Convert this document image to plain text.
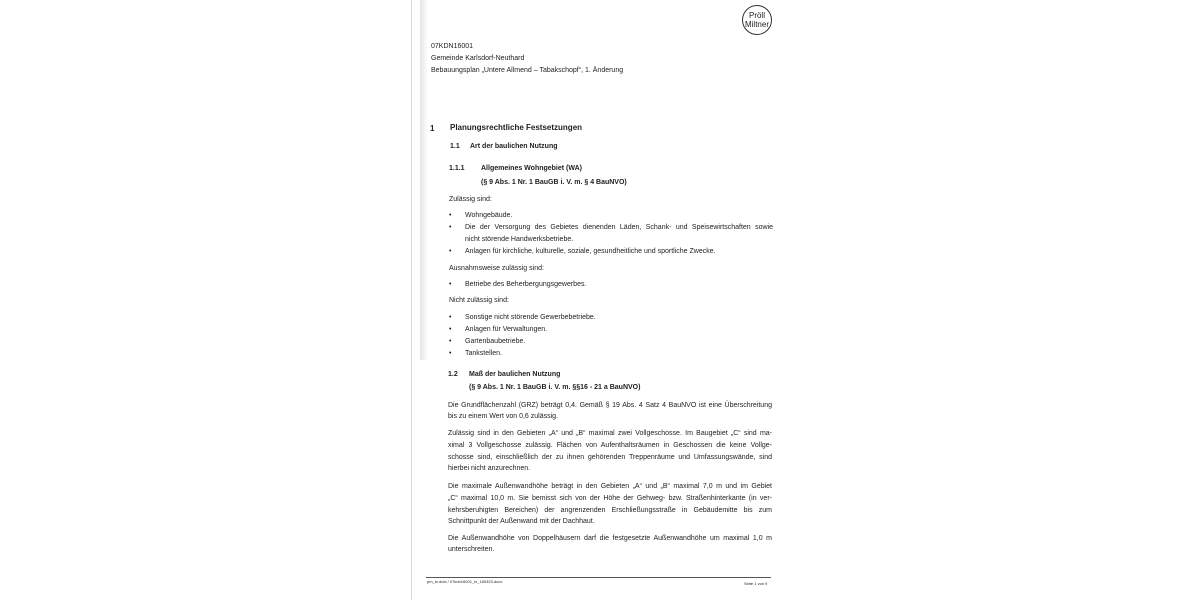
Pröll
Miltner
07KDN16001
Gemeinde Karlsdorf-Neuthard
Bebauungsplan „Untere Allmend – Tabakschopf“, 1. Änderung
1 Planungsrechtliche Festsetzungen
1.1 Art der baulichen Nutzung
1.1.1 Allgemeines Wohngebiet (WA)
(§ 9 Abs. 1 Nr. 1 BauGB i. V. m. § 4 BauNVO)
Zulässig sind:
• Wohngebäude.
• Die der Versorgung des Gebietes dienenden Läden, Schank- und Speisewirtschaften sowie
nicht störende Handwerksbetriebe.
• Anlagen für kirchliche, kulturelle, soziale, gesundheitliche und sportliche Zwecke.
Ausnahmsweise zulässig sind:
• Betriebe des Beherbergungsgewerbes.
Nicht zulässig sind:
• Sonstige nicht störende Gewerbebetriebe.
• Anlagen für Verwaltungen.
• Gartenbaubetriebe.
• Tankstellen.
1.2 Maß der baulichen Nutzung
(§ 9 Abs. 1 Nr. 1 BauGB i. V. m. §§16 - 21 a BauNVO)
Die Grundflächenzahl (GRZ) beträgt 0,4. Gemäß § 19 Abs. 4 Satz 4 BauNVO ist eine Überschreitung
bis zu einem Wert von 0,6 zulässig.
Zulässig sind in den Gebieten „A“ und „B“ maximal zwei Vollgeschosse. Im Baugebiet „C“ sind ma-
ximal 3 Vollgeschosse zulässig. Flächen von Aufenthaltsräumen in Geschossen die keine Vollge-
schosse sind, einschließlich der zu ihnen gehörenden Treppenräume und Umfassungswände, sind
hierbei nicht anzurechnen.
Die maximale Außenwandhöhe beträgt in den Gebieten „A“ und „B“ maximal 7,0 m und im Gebiet
„C“ maximal 10,0 m. Sie bemisst sich von der Höhe der Gehweg- bzw. Straßenhinterkante (in ver-
kehrsberuhigten Bereichen) der angrenzenden Erschließungsstraße in Gebäudemitte bis zum
Schnittpunkt der Außenwand mit der Dachhaut.
Die Außenwandhöhe von Doppelhäusern darf die festgesetzte Außenwandhöhe um maximal 1,0 m
unterschreiten.
pm_tx.dotx / 07kdn16001_tx_160323.docx	Seite 1 von 9
